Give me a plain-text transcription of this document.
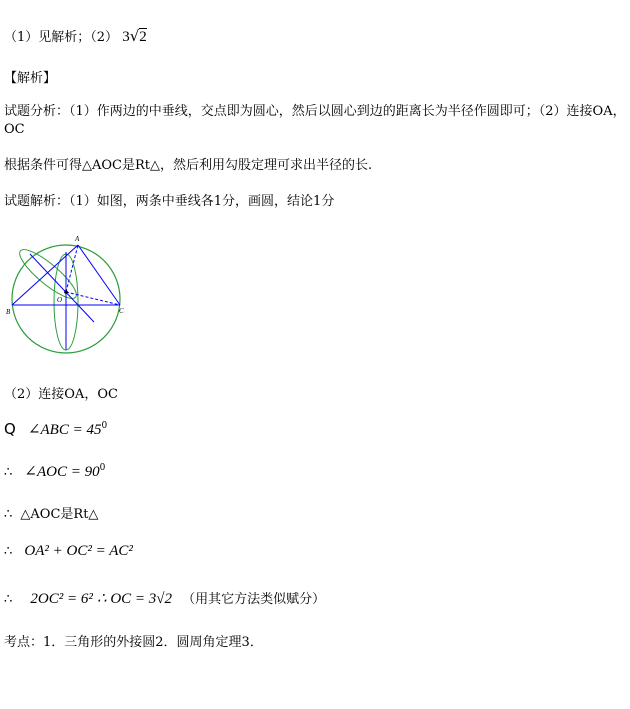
（1）见解析；（2） 3√2
【解析】
试题分析：（1）作两边的中垂线，交点即为圆心，然后以圆心到边的距离长为半径作圆即可；（2）连接OA，OC
根据条件可得△AOC是Rt△，然后利用勾股定理可求出半径的长.
试题解析：（1）如图，两条中垂线各1分，画圆，结论1分
A
B	C
O
（2）连接OA，OC
Q ∠ABC = $45^0$
∴ ∠AOC = $90^0$
∴ △AOC是Rt△
∴ OA² + OC² = AC²
∴ 2OC² = 6² ∴ OC = 3√2 （用其它方法类似赋分）
考点：1．三角形的外接圆2．圆周角定理3．
